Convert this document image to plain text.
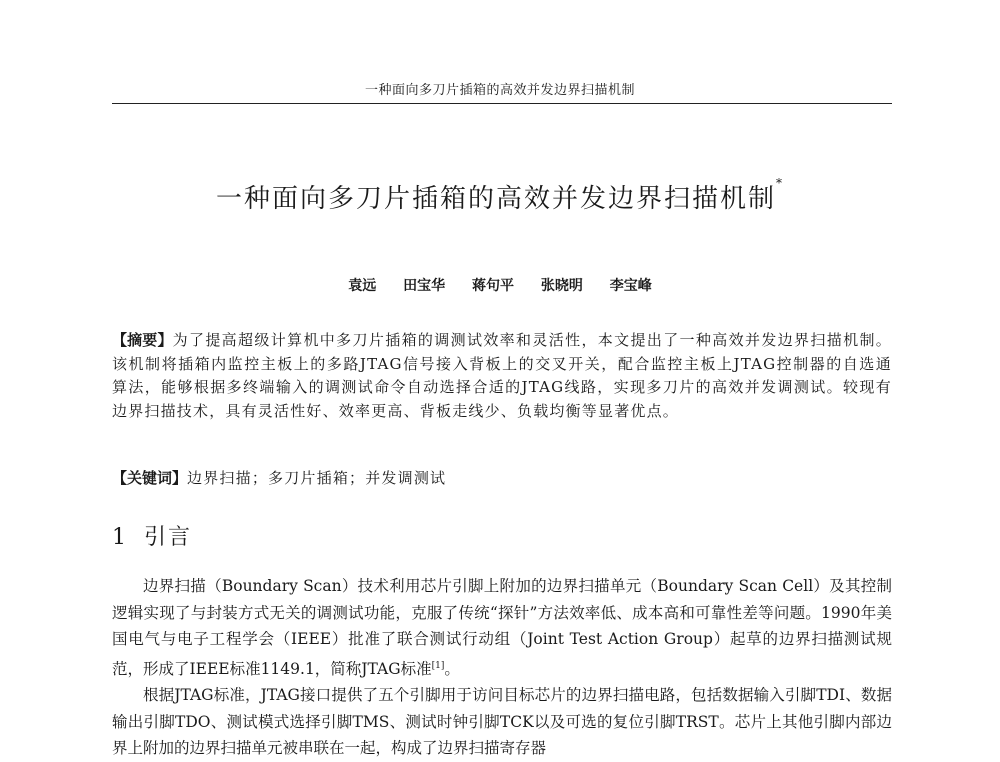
一种面向多刀片插箱的高效并发边界扫描机制
一种面向多刀片插箱的高效并发边界扫描机制*
袁远 田宝华 蒋句平 张晓明 李宝峰
【摘要】为了提高超级计算机中多刀片插箱的调测试效率和灵活性，本文提出了一种高效并发边界扫描机制。该机制将插箱内监控主板上的多路JTAG信号接入背板上的交叉开关，配合监控主板上JTAG控制器的自选通算法，能够根据多终端输入的调测试命令自动选择合适的JTAG线路，实现多刀片的高效并发调测试。较现有边界扫描技术，具有灵活性好、效率更高、背板走线少、负载均衡等显著优点。
【关键词】边界扫描；多刀片插箱；并发调测试
1 引言

边界扫描（Boundary Scan）技术利用芯片引脚上附加的边界扫描单元（Boundary Scan Cell）及其控制逻辑实现了与封装方式无关的调测试功能，克服了传统“探针”方法效率低、成本高和可靠性差等问题。1990年美国电气与电子工程学会（IEEE）批准了联合测试行动组（Joint Test Action Group）起草的边界扫描测试规范，形成了IEEE标准1149.1，简称JTAG标准[1]。

根据JTAG标准，JTAG接口提供了五个引脚用于访问目标芯片的边界扫描电路，包括数据输入引脚TDI、数据输出引脚TDO、测试模式选择引脚TMS、测试时钟引脚TCK以及可选的复位引脚TRST。芯片上其他引脚内部边界上附加的边界扫描单元被串联在一起，构成了边界扫描寄存器
